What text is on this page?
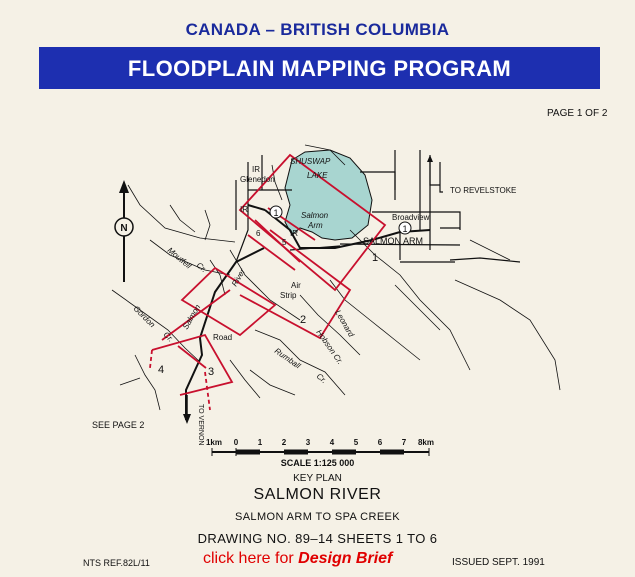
CANADA – BRITISH COLUMBIA
FLOODPLAIN MAPPING PROGRAM
PAGE 1 OF 2
1
1
N
IR
IR
IR
Glenedon
SHUSWAP
LAKE
Salmon
Arm
Broadview
SALMON ARM
TO REVELSTOKE
Moutfell Cr.
Gordon
Cr.
Salmon
River	Air
Strip
Road	Leonard
Hobson Cr.
Rumball
Cr.
TO VERNON
SEE PAGE 2
1
2
3
4
5
6
1km 0 1 2 3 4 5 6 7 8km
SCALE 1:125 000
KEY PLAN
SALMON RIVER
SALMON ARM TO SPA CREEK
DRAWING NO. 89–14 SHEETS 1 TO 6
NTS REF.82L/11	click here for Design Brief	ISSUED SEPT. 1991
